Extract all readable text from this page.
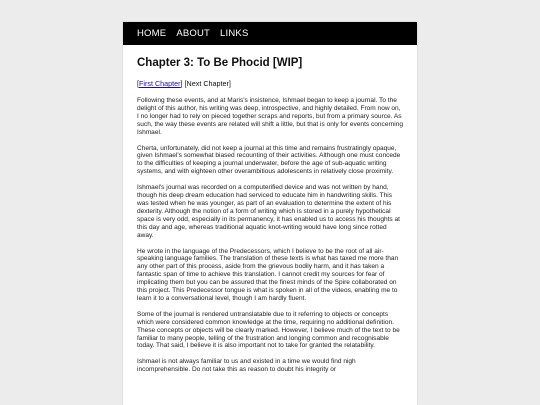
HOME ABOUT LINKS
Chapter 3: To Be Phocid [WIP]
[First Chapter] [Next Chapter]

Following these events, and at Maris's insistence, Ishmael began to keep a journal. To the delight of this author, his writing was deep, introspective, and highly detailed. From now on, I no longer had to rely on pieced together scraps and reports, but from a primary source. As such, the way these events are related will shift a little, but that is only for events concerning Ishmael.

Cherta, unfortunately, did not keep a journal at this time and remains frustratingly opaque, given Ishmael's somewhat biased recounting of their activities. Although one must concede to the difficulties of keeping a journal underwater, before the age of sub-aquatic writing systems, and with eighteen other overambitious adolescents in relatively close proximity.

Ishmael's journal was recorded on a computerified device and was not written by hand, though his deep dream education had serviced to educate him in handwriting skills. This was tested when he was younger, as part of an evaluation to determine the extent of his dexterity. Although the notion of a form of writing which is stored in a purely hypothetical space is very odd, especially in its permanency, it has enabled us to access his thoughts at this day and age, whereas traditional aquatic knot-writing would have long since rotted away.

He wrote in the language of the Predecessors, which I believe to be the root of all air-speaking language families. The translation of these texts is what has taxed me more than any other part of this process, aside from the grievous bodily harm, and it has taken a fantastic span of time to achieve this translation. I cannot credit my sources for fear of implicating them but you can be assured that the finest minds of the Spire collaborated on this project. This Predecessor tongue is what is spoken in all of the videos, enabling me to learn it to a conversational level, though I am hardly fluent.

Some of the journal is rendered untranslatable due to it referring to objects or concepts which were considered common knowledge at the time, requiring no additional definition. These concepts or objects will be clearly marked. However, I believe much of the text to be familiar to many people, telling of the frustration and longing common and recognisable today. That said, I believe it is also important not to take for granted the relatability.

Ishmael is not always familiar to us and existed in a time we would find nigh incomprehensible. Do not take this as reason to doubt his integrity or
